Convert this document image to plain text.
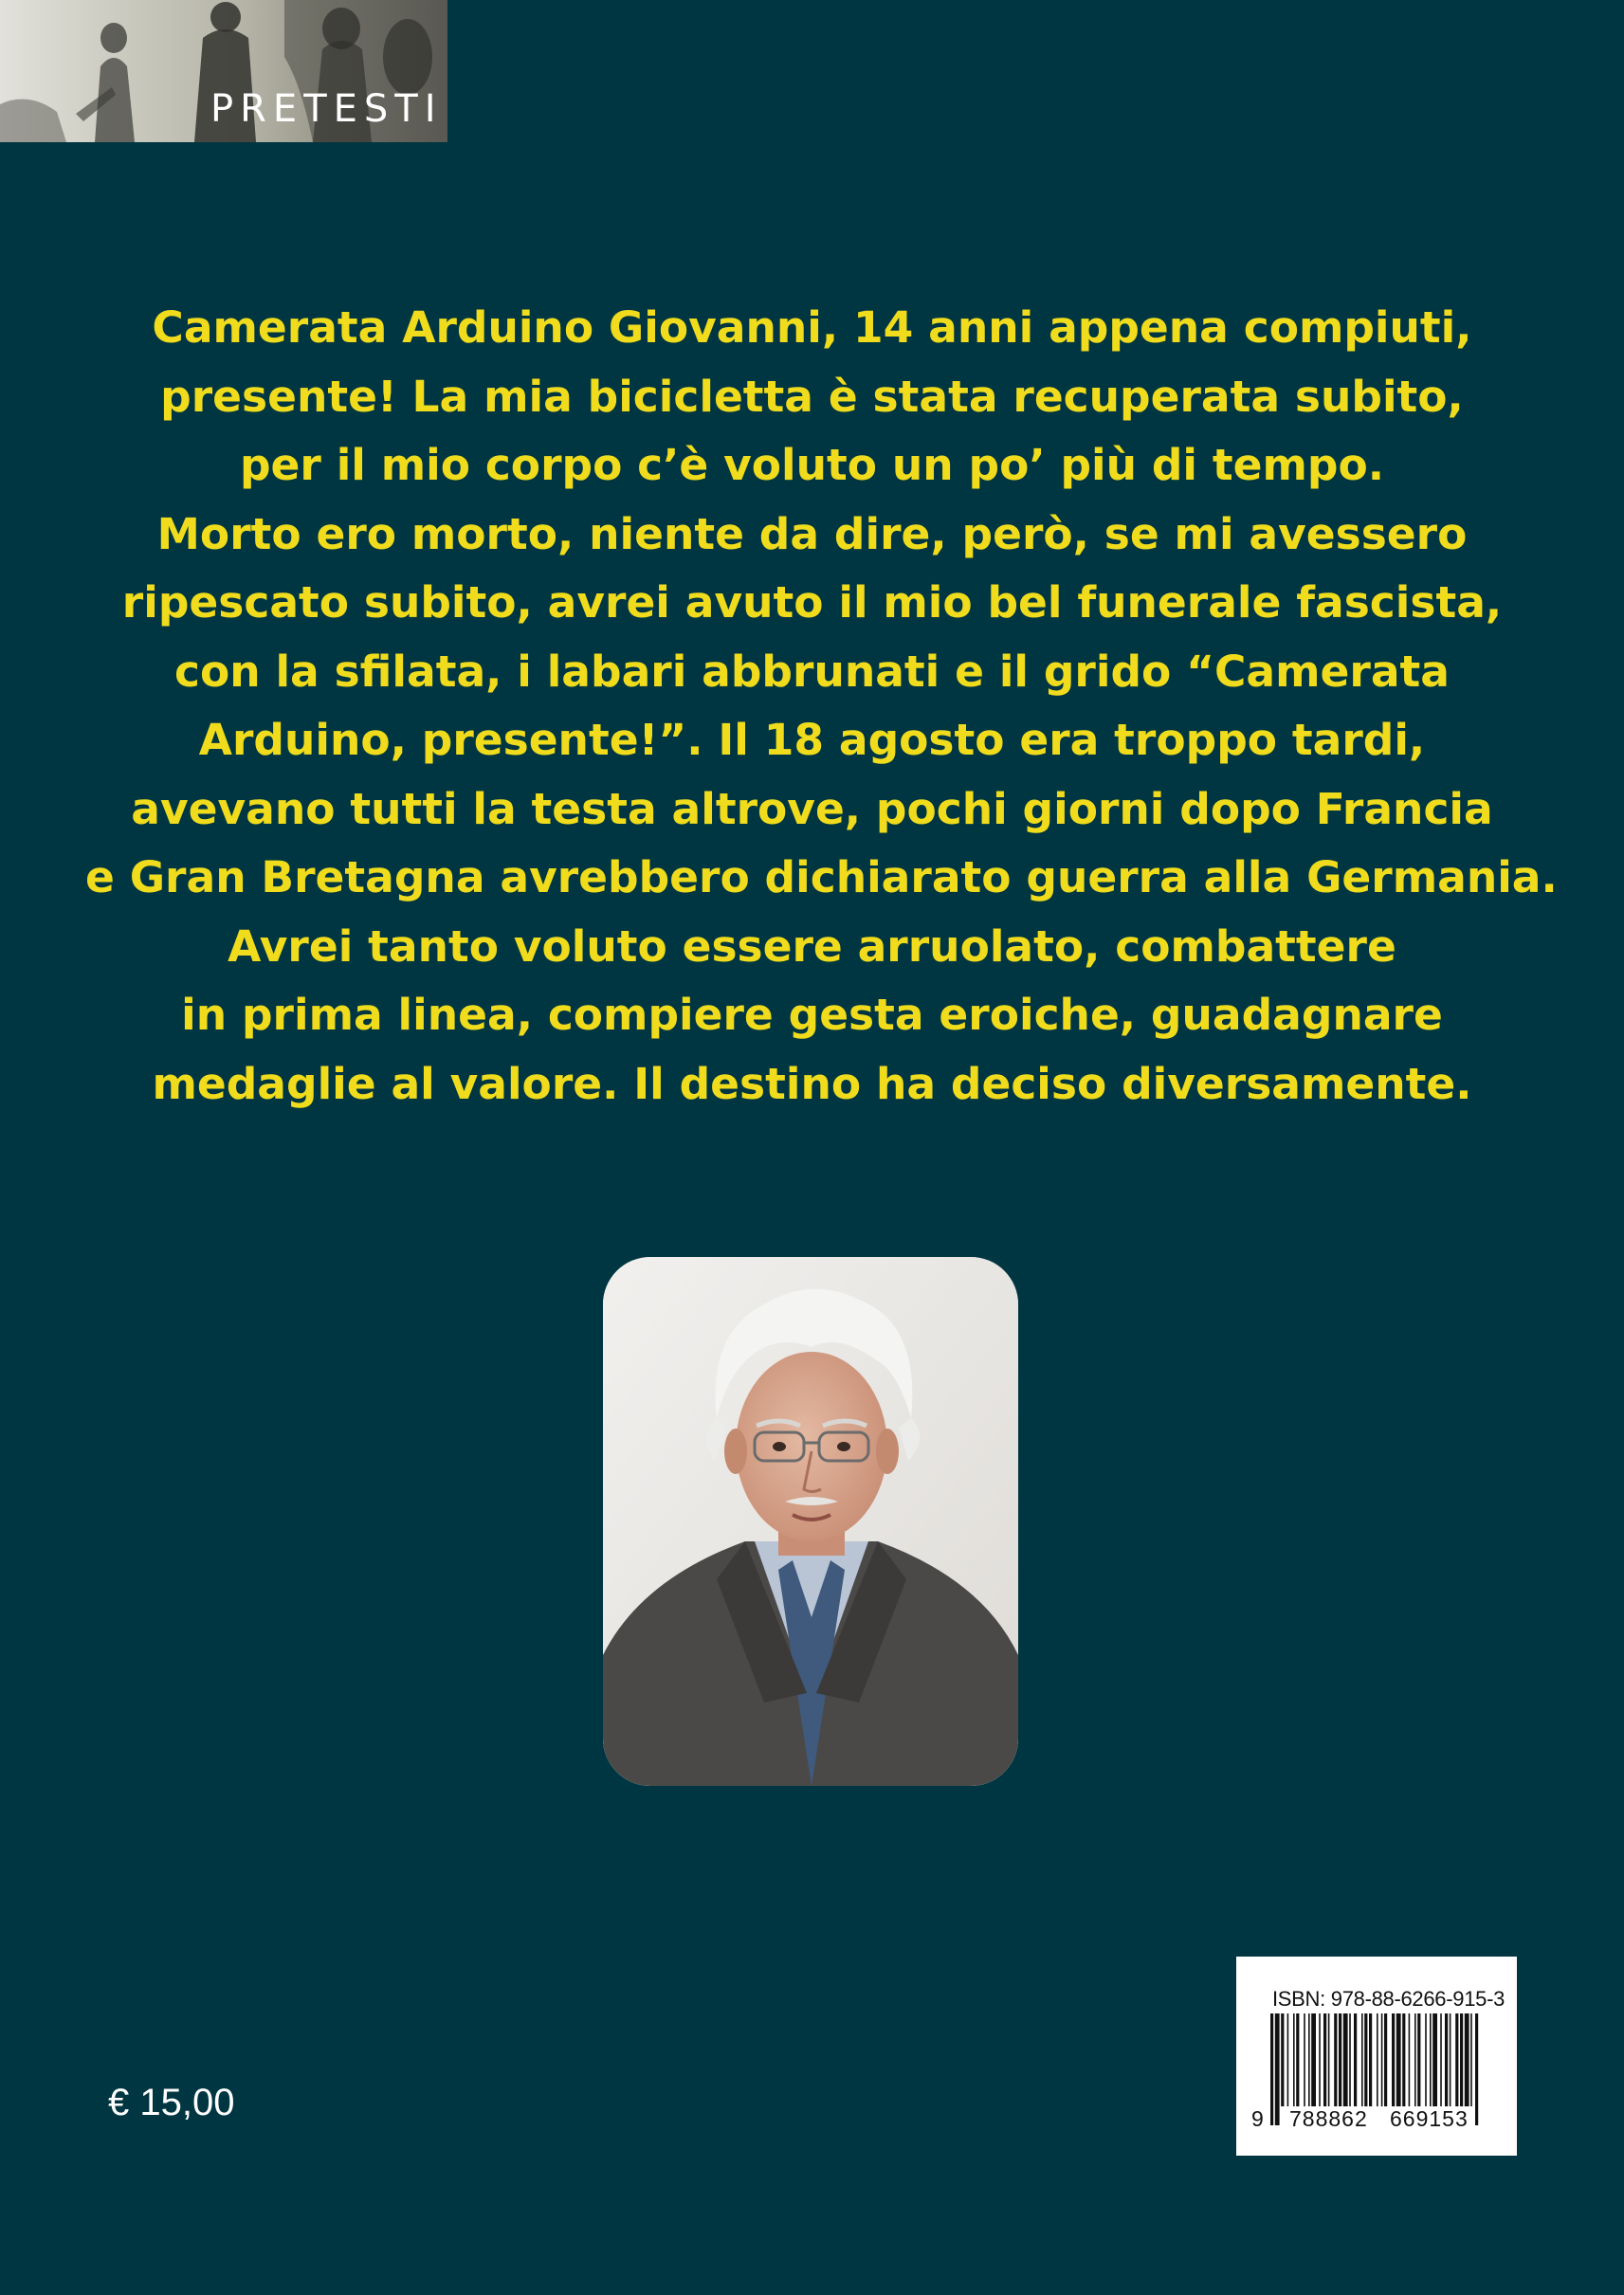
PRETESTI

Camerata Arduino Giovanni, 14 anni appena compiuti,
presente! La mia bicicletta è stata recuperata subito,
per il mio corpo c’è voluto un po’ più di tempo.
Morto ero morto, niente da dire, però, se mi avessero
ripescato subito, avrei avuto il mio bel funerale fascista,
con la sfilata, i labari abbrunati e il grido “Camerata
Arduino, presente!”. Il 18 agosto era troppo tardi,
avevano tutti la testa altrove, pochi giorni dopo Francia
e Gran Bretagna avrebbero dichiarato guerra alla Germania.
Avrei tanto voluto essere arruolato, combattere
in prima linea, compiere gesta eroiche, guadagnare
medaglie al valore. Il destino ha deciso diversamente.

€ 15,00
ISBN: 978-88-6266-915-3
9 788862 669153
